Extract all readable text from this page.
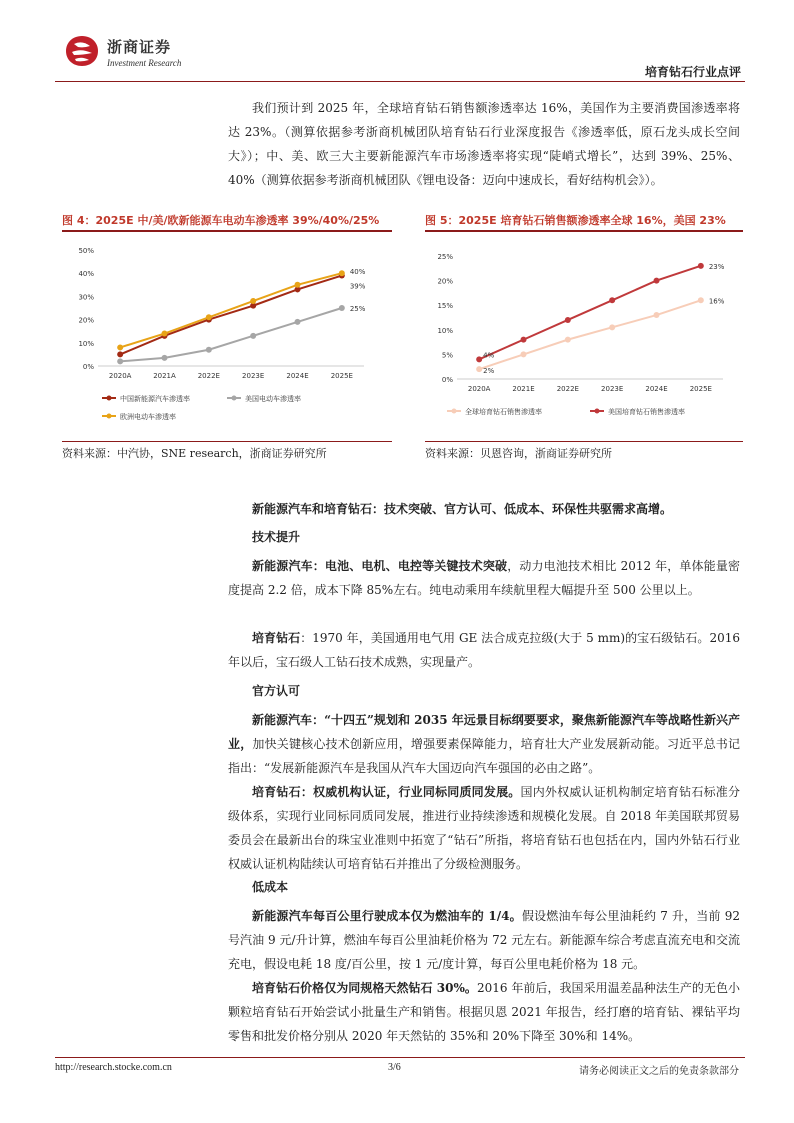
浙商证券
Investment Research
培育钻石行业点评
我们预计到 2025 年，全球培育钻石销售额渗透率达 16%，美国作为主要消费国渗透率将达 23%。（测算依据参考浙商机械团队培育钻石行业深度报告《渗透率低，原石龙头成长空间大》）；中、美、欧三大主要新能源汽车市场渗透率将实现“陡峭式增长”，达到 39%、25%、40%（测算依据参考浙商机械团队《锂电设备：迈向中速成长，看好结构机会》）。
图 4：2025E 中/美/欧新能源车电动车渗透率 39%/40%/25%
0%
10%
20%
30%
40%
50%
2020A	2021A	2022E	2023E	2024E	2025E
39%
25%
40%
中国新能源汽车渗透率	美国电动车渗透率
欧洲电动车渗透率
资料来源：中汽协，SNE research，浙商证券研究所
图 5：2025E 培育钻石销售额渗透率全球 16%，美国 23%
0%
5%
10%
15%
20%
25%
2020A	2021E	2022E	2023E	2024E	2025E
16%
2%
23%
4%
全球培育钻石销售渗透率	美国培育钻石销售渗透率
资料来源：贝恩咨询，浙商证券研究所
新能源汽车和培育钻石：技术突破、官方认可、低成本、环保性共驱需求高增。
技术提升
新能源汽车：电池、电机、电控等关键技术突破，动力电池技术相比 2012 年，单体能量密度提高 2.2 倍，成本下降 85%左右。纯电动乘用车续航里程大幅提升至 500 公里以上。
培育钻石：1970 年，美国通用电气用 GE 法合成克拉级(大于 5 mm)的宝石级钻石。2016 年以后，宝石级人工钻石技术成熟，实现量产。
官方认可
新能源汽车：“十四五”规划和 2035 年远景目标纲要要求，聚焦新能源汽车等战略性新兴产业，加快关键核心技术创新应用，增强要素保障能力，培育壮大产业发展新动能。习近平总书记指出：“发展新能源汽车是我国从汽车大国迈向汽车强国的必由之路”。
培育钻石：权威机构认证，行业同标同质同发展。国内外权威认证机构制定培育钻石标准分级体系，实现行业同标同质同发展，推进行业持续渗透和规模化发展。自 2018 年美国联邦贸易委员会在最新出台的珠宝业准则中拓宽了“钻石”所指，将培育钻石也包括在内，国内外钻石行业权威认证机构陆续认可培育钻石并推出了分级检测服务。
低成本
新能源汽车每百公里行驶成本仅为燃油车的 1/4。假设燃油车每公里油耗约 7 升，当前 92 号汽油 9 元/升计算，燃油车每百公里油耗价格为 72 元左右。新能源车综合考虑直流充电和交流充电，假设电耗 18 度/百公里，按 1 元/度计算，每百公里电耗价格为 18 元。
培育钻石价格仅为同规格天然钻石 30%。2016 年前后，我国采用温差晶种法生产的无色小颗粒培育钻石开始尝试小批量生产和销售。根据贝恩 2021 年报告，经打磨的培育钻、裸钻平均零售和批发价格分别从 2020 年天然钻的 35%和 20%下降至 30%和 14%。
http://research.stocke.com.cn	3/6	请务必阅读正文之后的免责条款部分
